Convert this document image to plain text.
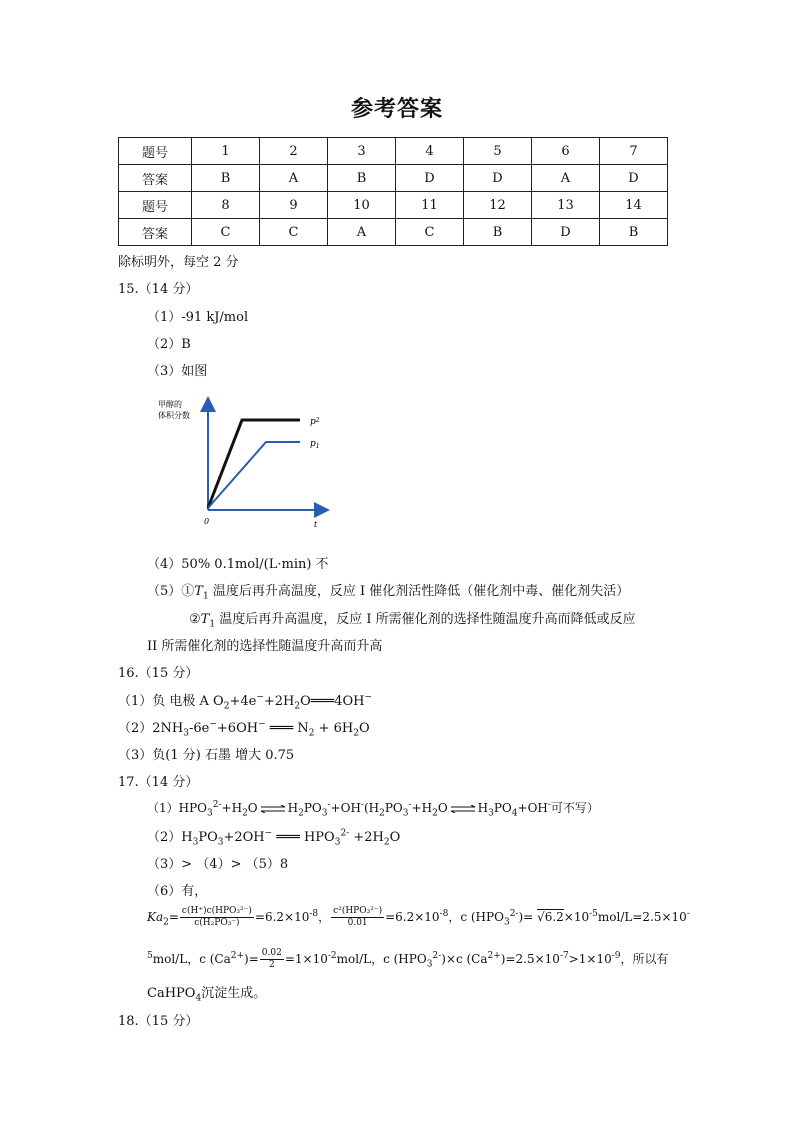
参考答案
题号	1	2	3	4	5	6	7
答案	B	A	B	D	D	A	D
题号	8	9	10	11	12	13	14
答案	C	C	A	C	B	D	B
除标明外，每空 2 分
15.（14 分）
（1）-91 kJ/mol
（2）B
（3）如图
甲醇的
体积分数
0	t
$p^2$
$p_1$
（4）50% 0.1mol/(L·min) 不
$(5)①T_1$ 温度后再升高温度，反应 I 催化剂活性降低（催化剂中毒、催化剂失活）
$②T_1$ 温度后再升高温度，反应 I 所需催化剂的选择性随温度升高而降低或反应
II 所需催化剂的选择性随温度升高而升高
16.（15 分）
（1）负 电极 A $O_2+4e^-+2H_2O═══4OH^-$
$(2)2NH_3-6e^-+6OH^-$ ═══ $N_2 + 6H_2O$
（3）负(1 分) 石墨 增大 0.75
17.（14 分）
$(1)HPO_3^{2-}+H_2O$ ⇌ $H_2PO_3^-+OH^-(H_2PO_3^-+H_2O$ ⇌ $H_3PO_4+OH^-$可不写）
$(2)H_3PO_3+2OH^-$ ═══ $HPO_3^{2-} +2H_2O$
（3）> （4）> （5）8
（6）有，
$Ka_2= \frac{\text{c(H⁺)c(HPO₃²⁻)}}{\text{c(H₂PO₃⁻)}} =6.2\times 10^{-8}$， $\frac{\text{c²(HPO₃²⁻)}}{0.01} =6.2\times 10^{-8}$，c $(HPO_3^{2-})= √6.2\times 10^{-5}mol/L=2.5\times 10^-$
$^5$mol/L，c $(Ca^{2+})= \frac{0.02}{2} =1\times 10^{-2}mol/L$，c $(HPO_3^{2-})\times c$ $(Ca^{2+})=2.5\times 10^{-7}>1\times 10^{-9}$，所以有
CaHPO$_4$沉淀生成。
18.（15 分）
